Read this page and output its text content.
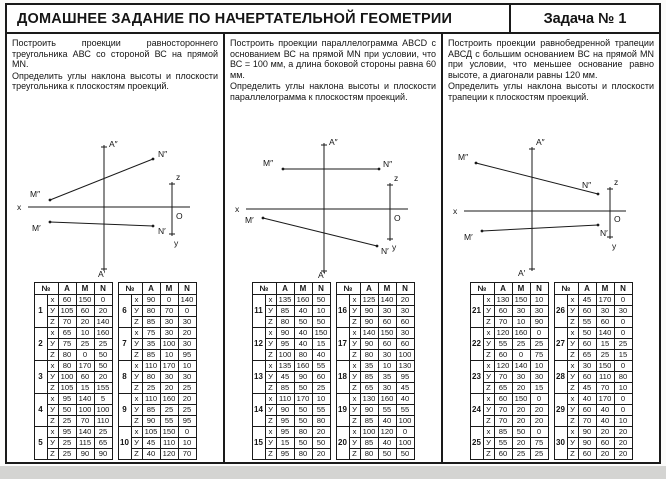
ДОМАШНЕЕ ЗАДАНИЕ ПО НАЧЕРТАТЕЛЬНОЙ ГЕОМЕТРИИ	Задача № 1

Построить проекции равностороннего треугольника АВС со стороной ВС на прямой MN.

Определить углы наклона высоты и плоскости треугольника к плоскостям проекций.

x
z
O
y
A″
A′
M″
N″
M′	N′
№		А	М	N
1	x	60	150	0
	У	105	60	20
	Z	70	20	140
2	x	65	10	160
	У	75	25	25
	Z	80	0	50
3	x	80	170	50
	У	100	60	20
	Z	105	15	155
4	x	95	140	5
	У	50	100	100
	Z	25	70	110
5	x	95	140	25
	У	25	115	65
	Z	25	90	90
№		А	М	N
6	x	90	0	140
	У	80	70	0
	Z	85	30	30
7	x	75	30	20
	У	35	100	30
	Z	85	10	95
8	x	110	170	10
	У	80	30	30
	Z	25	20	25
9	x	110	160	20
	У	85	25	25
	Z	90	55	95
10	x	105	150	0
	У	45	110	10
	Z	40	120	70

Построить проекции параллелограмма ABCD с основанием ВС на прямой MN при условии, что ВС = 100 мм, а длина боковой стороны равна 60 мм.

Определить углы наклона высоты и плоскости параллелограмма к плоскостям проекций.

x
z
O
y
A″
A′
M″	N″
M′
N′
№		А	М	N
11	x	135	160	50
	У	85	40	10
	Z	80	50	50
12	x	90	40	150
	У	95	40	15
	Z	100	80	40
13	x	135	160	55
	У	45	90	60
	Z	85	50	25
14	x	110	170	10
	У	90	50	55
	Z	95	50	80
15	x	95	80	20
	У	15	50	50
	Z	95	80	20
№		А	М	N
16	x	125	140	20
	У	90	30	30
	Z	90	60	60
17	x	140	150	30
	У	90	60	60
	Z	80	30	100
18	x	35	10	130
	У	85	35	95
	Z	65	30	45
19	x	130	160	40
	У	90	55	55
	Z	85	40	100
20	x	100	120	0
	У	85	40	100
	Z	80	50	50

Построить проекции равнобедренной трапеции АВСД с большим основанием ВС на прямой MN при условии, что меньшее основание равно высоте, а диагонали равны 120 мм.

Определить углы наклона высоты и плоскости трапеции к плоскостям проекций.

x
z
O
y
A″
A′
M″
N″
M′	N′
№		А	М	N
21	x	130	150	10
	У	60	30	30
	Z	70	10	90
22	x	120	160	0
	У	55	25	25
	Z	60	0	75
23	x	120	140	10
	У	70	30	30
	Z	65	20	15
24	x	60	150	0
	У	70	20	20
	Z	70	20	20
25	x	85	50	0
	У	55	20	75
	Z	60	25	25
№		А	М	N
26	x	45	170	0
	У	60	30	30
	Z	55	60	0
27	x	50	140	0
	У	60	15	25
	Z	65	25	15
28	x	30	150	0
	У	60	110	80
	Z	45	70	10
29	x	40	170	0
	У	60	40	0
	Z	70	40	10
30	x	90	20	20
	У	90	60	20
	Z	60	20	20
